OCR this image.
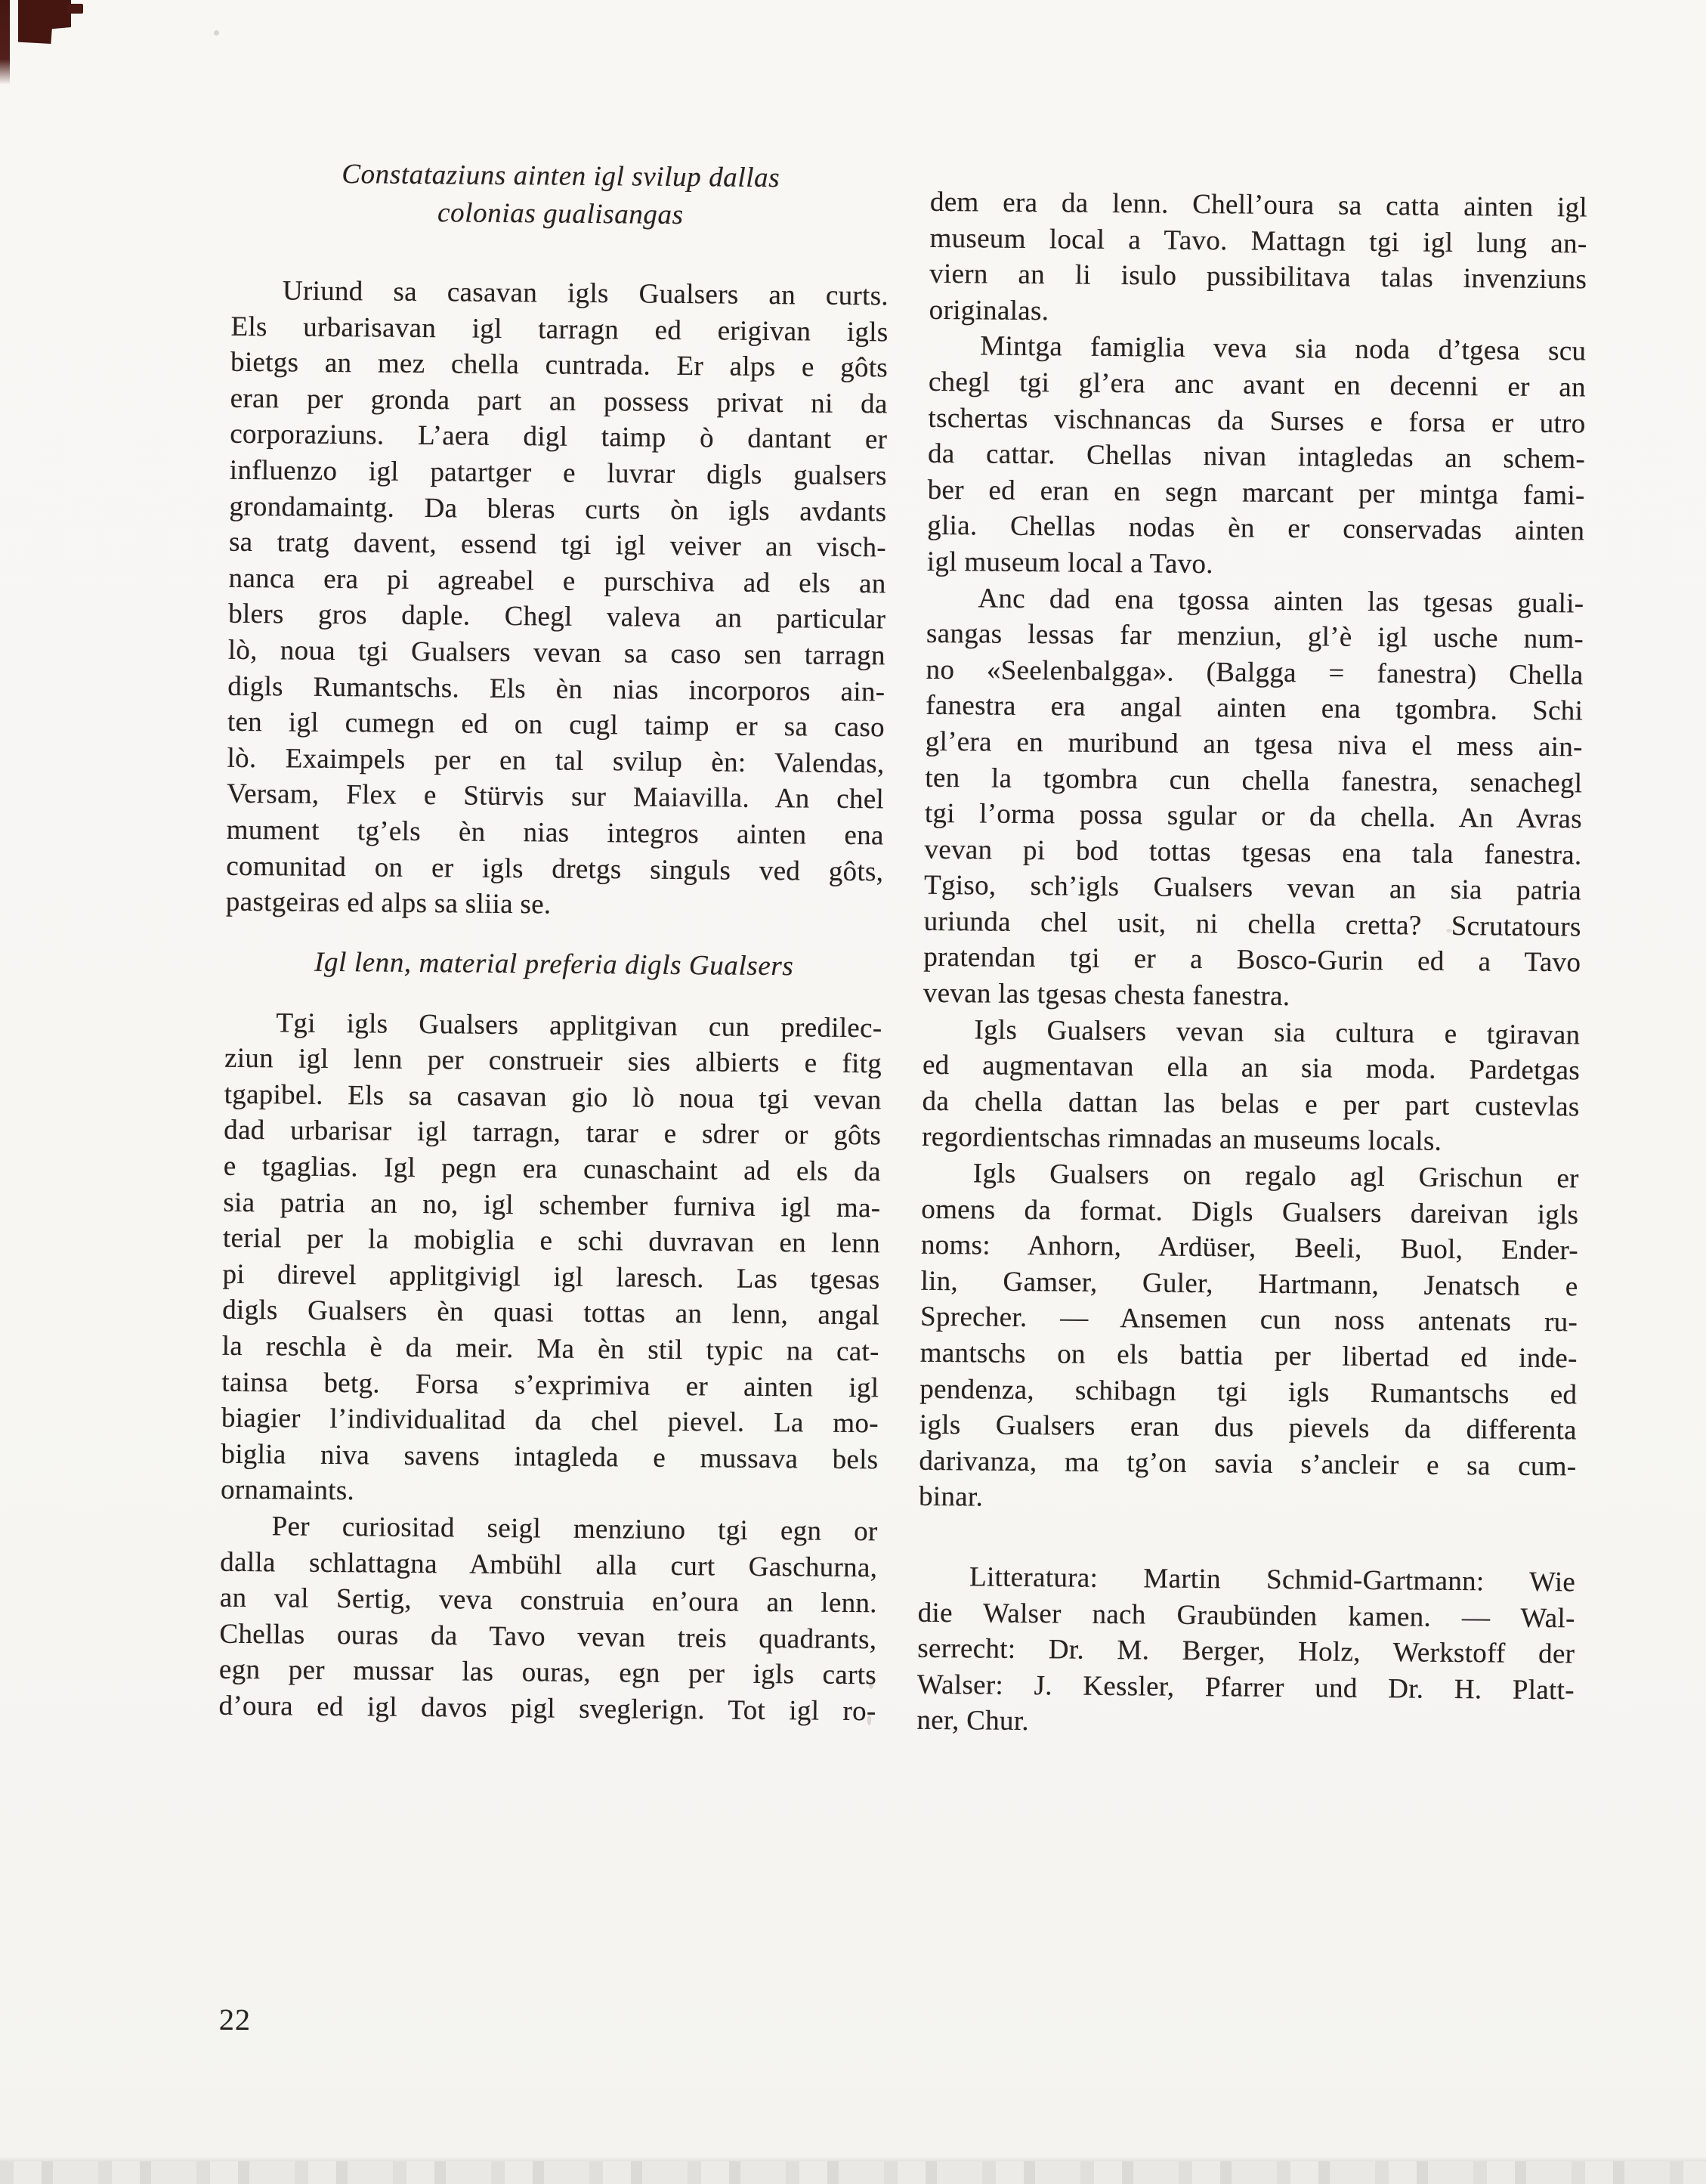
Constataziuns ainten igl svilup dallas
colonias gualisangas
Uriund sa casavan igls Gualsers an curts.
Els urbarisavan igl tarragn ed erigivan igls
bietgs an mez chella cuntrada. Er alps e gôts
eran per gronda part an possess privat ni da
corporaziuns. L’aera digl taimp ò dantant er
influenzo igl patartger e luvrar digls gualsers
grondamaintg. Da bleras curts òn igls avdants
sa tratg davent, essend tgi igl veiver an visch-
nanca era pi agreabel e purschiva ad els an
blers gros daple. Chegl valeva an particular
lò, noua tgi Gualsers vevan sa caso sen tarragn
digls Rumantschs. Els èn nias incorporos ain-
ten igl cumegn ed on cugl taimp er sa caso
lò. Exaimpels per en tal svilup èn: Valendas,
Versam, Flex e Stürvis sur Maiavilla. An chel
mument tg’els èn nias integros ainten ena
comunitad on er igls dretgs singuls ved gôts,
pastgeiras ed alps sa sliia se.
Igl lenn, material preferia digls Gualsers
Tgi igls Gualsers applitgivan cun predilec-
ziun igl lenn per construeir sies albierts e fitg
tgapibel. Els sa casavan gio lò noua tgi vevan
dad urbarisar igl tarragn, tarar e sdrer or gôts
e tgaglias. Igl pegn era cunaschaint ad els da
sia patria an no, igl schember furniva igl ma-
terial per la mobiglia e schi duvravan en lenn
pi direvel applitgivigl igl laresch. Las tgesas
digls Gualsers èn quasi tottas an lenn, angal
la reschla è da meir. Ma èn stil typic na cat-
tainsa betg. Forsa s’exprimiva er ainten igl
biagier l’individualitad da chel pievel. La mo-
biglia niva savens intagleda e mussava bels
ornamaints.
Per curiositad seigl menziuno tgi egn or
dalla schlattagna Ambühl alla curt Gaschurna,
an val Sertig, veva construia en’oura an lenn.
Chellas ouras da Tavo vevan treis quadrants,
egn per mussar las ouras, egn per igls carts
d’oura ed igl davos pigl sveglerign. Tot igl ro-
dem era da lenn. Chell’oura sa catta ainten igl
museum local a Tavo. Mattagn tgi igl lung an-
viern an li isulo pussibilitava talas invenziuns
originalas.
Mintga famiglia veva sia noda d’tgesa scu
chegl tgi gl’era anc avant en decenni er an
tschertas vischnancas da Surses e forsa er utro
da cattar. Chellas nivan intagledas an schem-
ber ed eran en segn marcant per mintga fami-
glia. Chellas nodas èn er conservadas ainten
igl museum local a Tavo.
Anc dad ena tgossa ainten las tgesas guali-
sangas lessas far menziun, gl’è igl usche num-
no «Seelenbalgga». (Balgga = fanestra) Chella
fanestra era angal ainten ena tgombra. Schi
gl’era en muribund an tgesa niva el mess ain-
ten la tgombra cun chella fanestra, senachegl
tgi l’orma possa sgular or da chella. An Avras
vevan pi bod tottas tgesas ena tala fanestra.
Tgiso, sch’igls Gualsers vevan an sia patria
uriunda chel usit, ni chella cretta? Scrutatours
pratendan tgi er a Bosco-Gurin ed a Tavo
vevan las tgesas chesta fanestra.
Igls Gualsers vevan sia cultura e tgiravan
ed augmentavan ella an sia moda. Pardetgas
da chella dattan las belas e per part custevlas
regordientschas rimnadas an museums locals.
Igls Gualsers on regalo agl Grischun er
omens da format. Digls Gualsers dareivan igls
noms: Anhorn, Ardüser, Beeli, Buol, Ender-
lin, Gamser, Guler, Hartmann, Jenatsch e
Sprecher. — Ansemen cun noss antenats ru-
mantschs on els battia per libertad ed inde-
pendenza, schibagn tgi igls Rumantschs ed
igls Gualsers eran dus pievels da differenta
darivanza, ma tg’on savia s’ancleir e sa cum-
binar.
Litteratura: Martin Schmid-Gartmann: Wie
die Walser nach Graubünden kamen. — Wal-
serrecht: Dr. M. Berger, Holz, Werkstoff der
Walser: J. Kessler, Pfarrer und Dr. H. Platt-
ner, Chur.
22
